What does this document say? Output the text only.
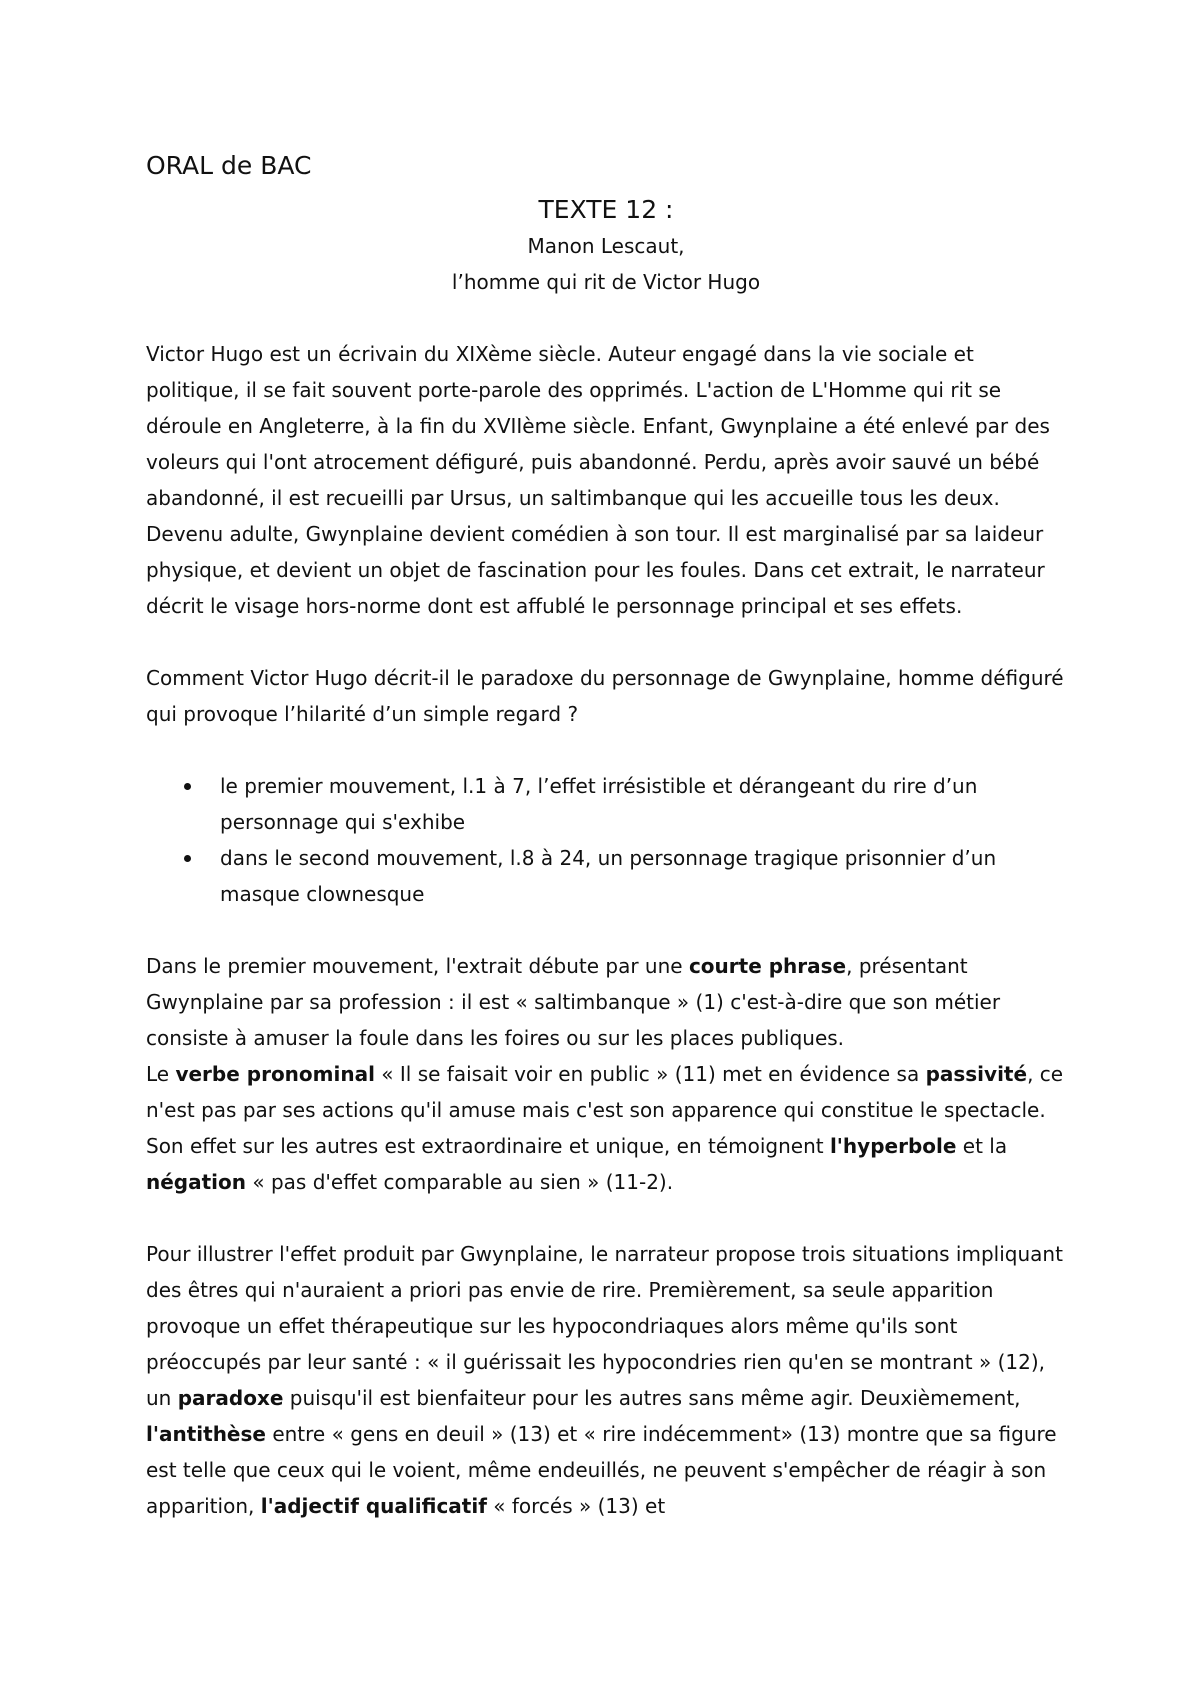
ORAL de BAC
TEXTE 12 :
Manon Lescaut,
l’homme qui rit de Victor Hugo

Victor Hugo est un écrivain du XIXème siècle. Auteur engagé dans la vie sociale et politique, il se fait souvent porte-parole des opprimés. L'action de L'Homme qui rit se déroule en Angleterre, à la fin du XVIIème siècle. Enfant, Gwynplaine a été enlevé par des voleurs qui l'ont atrocement défiguré, puis abandonné. Perdu, après avoir sauvé un bébé abandonné, il est recueilli par Ursus, un saltimbanque qui les accueille tous les deux. Devenu adulte, Gwynplaine devient comédien à son tour. Il est marginalisé par sa laideur physique, et devient un objet de fascination pour les foules. Dans cet extrait, le narrateur décrit le visage hors-norme dont est affublé le personnage principal et ses effets.

Comment Victor Hugo décrit-il le paradoxe du personnage de Gwynplaine, homme défiguré qui provoque l’hilarité d’un simple regard ?

le premier mouvement, l.1 à 7, l’effet irrésistible et dérangeant du rire d’un personnage qui s'exhibe
dans le second mouvement, l.8 à 24, un personnage tragique prisonnier d’un masque clownesque

Dans le premier mouvement, l'extrait débute par une courte phrase, présentant Gwynplaine par sa profession : il est « saltimbanque » (1) c'est-à-dire que son métier consiste à amuser la foule dans les foires ou sur les places publiques.

Le verbe pronominal « Il se faisait voir en public » (11) met en évidence sa passivité, ce n'est pas par ses actions qu'il amuse mais c'est son apparence qui constitue le spectacle. Son effet sur les autres est extraordinaire et unique, en témoignent l'hyperbole et la négation « pas d'effet comparable au sien » (11-2).

Pour illustrer l'effet produit par Gwynplaine, le narrateur propose trois situations impliquant des êtres qui n'auraient a priori pas envie de rire. Premièrement, sa seule apparition provoque un effet thérapeutique sur les hypocondriaques alors même qu'ils sont préoccupés par leur santé : « il guérissait les hypocondries rien qu'en se montrant » (12), un paradoxe puisqu'il est bienfaiteur pour les autres sans même agir. Deuxièmement, l'antithèse entre « gens en deuil » (13) et « rire indécemment» (13) montre que sa figure est telle que ceux qui le voient, même endeuillés, ne peuvent s'empêcher de réagir à son apparition, l'adjectif qualificatif « forcés » (13) et
